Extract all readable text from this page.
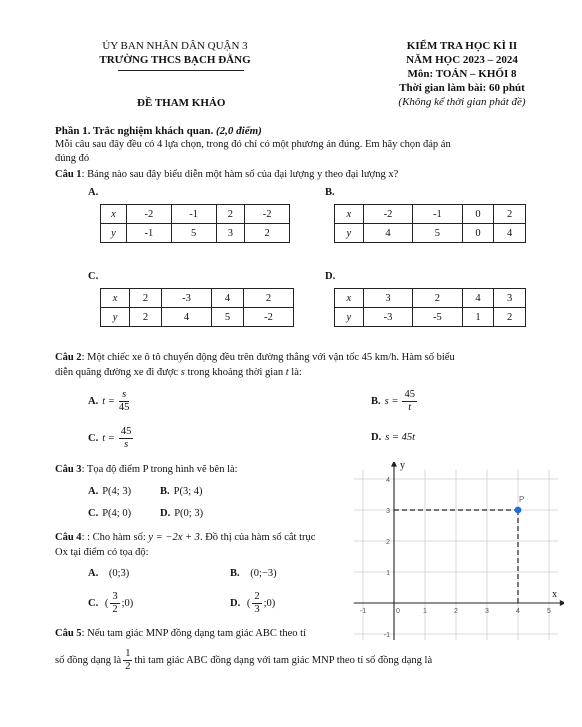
ỦY BAN NHÂN DÂN QUẬN 3
TRƯỜNG THCS BẠCH ĐẰNG
ĐỀ THAM KHẢO
KIỂM TRA HỌC KÌ II
NĂM HỌC 2023 – 2024
Môn: TOÁN – KHỐI 8
Thời gian làm bài: 60 phút
(Không kể thời gian phát đề)
Phần 1. Trắc nghiệm khách quan. (2,0 điểm)
Mỗi câu sau đây đều có 4 lựa chọn, trong đó chỉ có một phương án đúng. Em hãy chọn đáp án
đúng đó
Câu 1: Bảng nào sau đây biểu diễn một hàm số của đại lượng y theo đại lượng x?
A.
x	-2	-1	2	-2
y	-1	5	3	2
B.
x	-2	-1	0	2
y	4	5	0	4
C.
x	2	-3	4	2
y	2	4	5	-2
D.
x	3	2	4	3
y	-3	-5	1	2
Câu 2: Một chiếc xe ô tô chuyển động đều trên đường thẳng với vận tốc 45 km/h. Hàm số biểu
diễn quãng đường xe đi được s trong khoảng thời gian t là:
A. $t = \frac{s}{45}$	B. $s = \frac{45}{t}$
C. $t = \frac{45}{s}$	D. s = 45t
Câu 3: Tọa độ điểm P trong hình vẽ bên là:
A. P(4; 3)	B. P(3; 4)
C. P(4; 0)	D. P(0; 3)
-1	1	2	3	4	5
4
3
2
1
-1
P
x
y
0
Câu 4: : Cho hàm số: y = −2x + 3. Đồ thị của hàm số cắt trục
Ox tại điểm có tọa độ:
A.
(0;3)	B.
(0;−3)
C.
( $\frac{3}{2}$ ;0)	D.
( $\frac{2}{3}$ ;0)
Câu 5: Nếu tam giác MNP đồng dạng tam giác ABC theo tỉ
số đồng dạng là $\frac{1}{2}$ thì tam giác ABC đồng dạng với tam giác MNP theo tỉ số đồng dạng là
